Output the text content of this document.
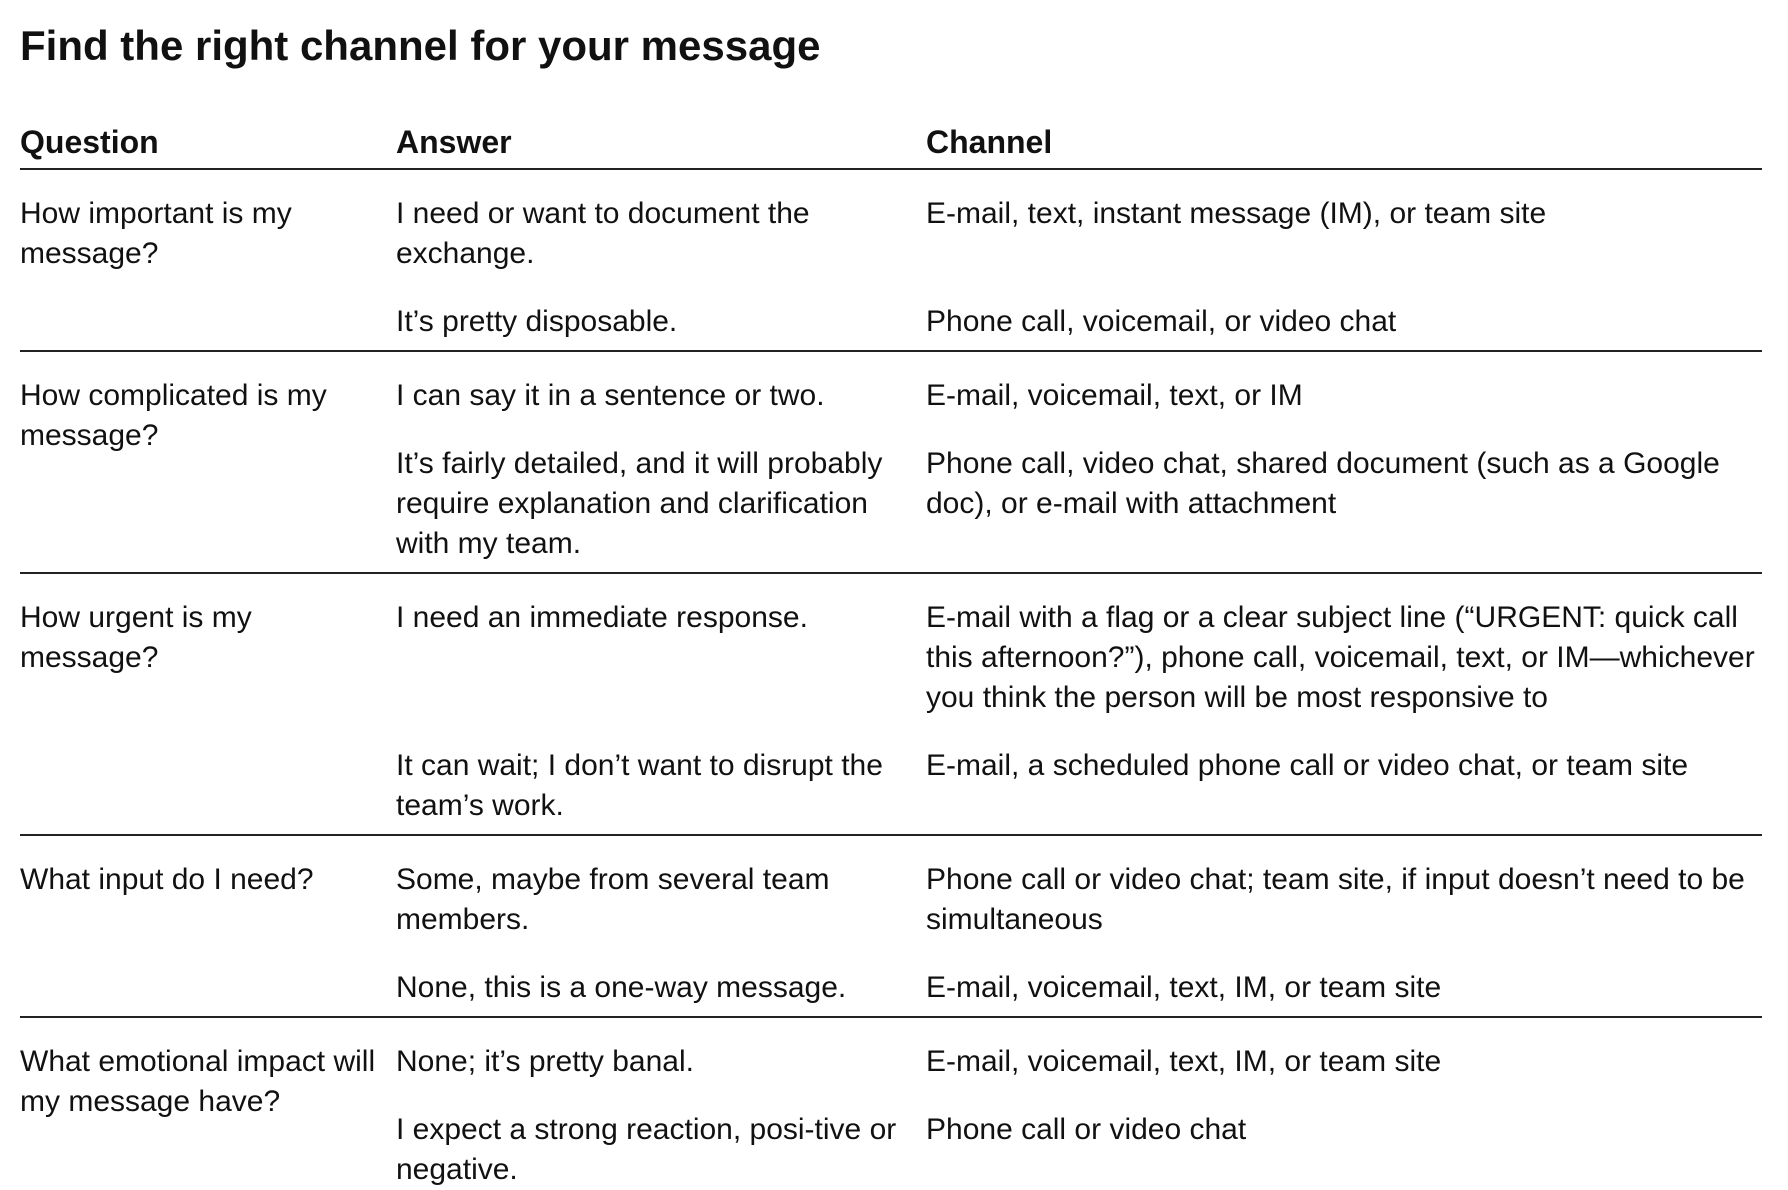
Find the right channel for your message
Question	Answer	Channel
How important is my message?	I need or want to document the exchange.	E-mail, text, instant message (IM), or team site
	It’s pretty disposable.	Phone call, voicemail, or video chat
How complicated is my message?	I can say it in a sentence or two.	E-mail, voicemail, text, or IM
	It’s fairly detailed, and it will probably require explanation and clarification with my team.	Phone call, video chat, shared document (such as a Google doc), or e-mail with attachment
How urgent is my message?	I need an immediate response.	E-mail with a flag or a clear subject line (“URGENT: quick call this afternoon?”), phone call, voicemail, text, or IM—whichever you think the person will be most responsive to
	It can wait; I don’t want to disrupt the team’s work.	E-mail, a scheduled phone call or video chat, or team site
What input do I need?	Some, maybe from several team members.	Phone call or video chat; team site, if input doesn’t need to be simultaneous
	None, this is a one-way message.	E-mail, voicemail, text, IM, or team site
What emotional impact will my message have?	None; it’s pretty banal.	E-mail, voicemail, text, IM, or team site
	I expect a strong reaction, posi-tive or negative.	Phone call or video chat
